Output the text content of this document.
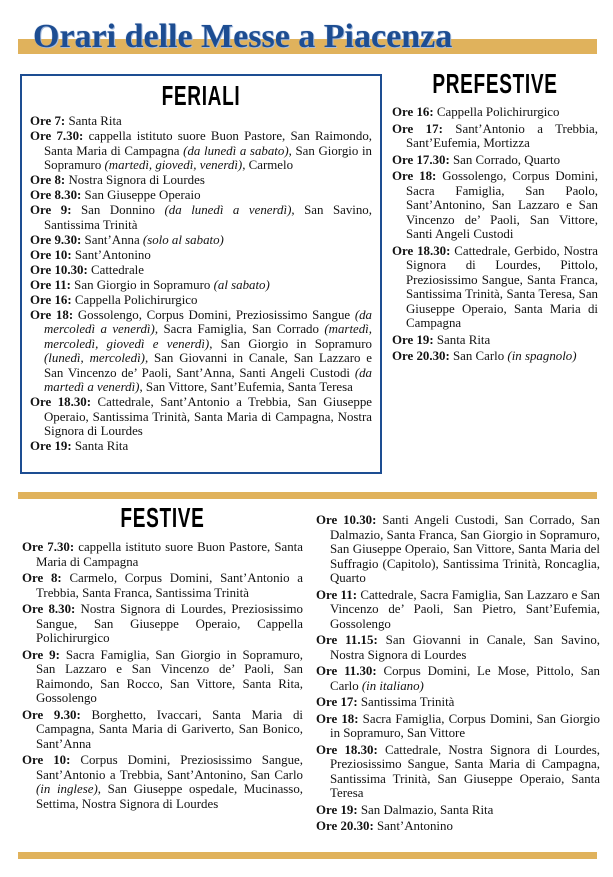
Orari delle Messe a Piacenza
FERIALI

Ore 7: Santa Rita

Ore 7.30: cappella istituto suore Buon Pastore, San Raimondo, Santa Maria di Campagna (da lunedì a sabato), San Giorgio in Sopramuro (martedì, giovedì, venerdì), Carmelo

Ore 8: Nostra Signora di Lourdes

Ore 8.30: San Giuseppe Operaio

Ore 9: San Donnino (da lunedì a venerdì), San Savino, Santissima Trinità

Ore 9.30: Sant’Anna (solo al sabato)

Ore 10: Sant’Antonino

Ore 10.30: Cattedrale

Ore 11: San Giorgio in Sopramuro (al sabato)

Ore 16: Cappella Polichirurgico

Ore 18: Gossolengo, Corpus Domini, Preziosissimo Sangue (da mercoledì a venerdì), Sacra Famiglia, San Corrado (martedì, mercoledì, giovedì e venerdì), San Giorgio in Sopramuro (lunedì, mercoledì), San Giovanni in Canale, San Lazzaro e San Vincenzo de’ Paoli, Sant’Anna, Santi Angeli Custodi (da martedì a venerdì), San Vittore, Sant’Eufemia, Santa Teresa

Ore 18.30: Cattedrale, Sant’Antonio a Trebbia, San Giuseppe Operaio, Santissima Trinità, Santa Maria di Campagna, Nostra Signora di Lourdes

Ore 19: Santa Rita

PREFESTIVE

Ore 16: Cappella Polichirurgico

Ore 17: Sant’Antonio a Trebbia, Sant’Eufemia, Mortizza

Ore 17.30: San Corrado, Quarto

Ore 18: Gossolengo, Corpus Domini, Sacra Famiglia, San Paolo, Sant’Antonino, San Lazzaro e San Vincenzo de’ Paoli, San Vittore, Santi Angeli Custodi

Ore 18.30: Cattedrale, Gerbido, Nostra Signora di Lourdes, Pittolo, Preziosissimo Sangue, Santa Franca, Santissima Trinità, Santa Teresa, San Giuseppe Operaio, Santa Maria di Campagna

Ore 19: Santa Rita

Ore 20.30: San Carlo (in spagnolo)

FESTIVE

Ore 7.30: cappella istituto suore Buon Pastore, Santa Maria di Campagna

Ore 8: Carmelo, Corpus Domini, Sant’Antonio a Trebbia, Santa Franca, Santissima Trinità

Ore 8.30: Nostra Signora di Lourdes, Preziosissimo Sangue, San Giuseppe Operaio, Cappella Polichirurgico

Ore 9: Sacra Famiglia, San Giorgio in Sopramuro, San Lazzaro e San Vincenzo de’ Paoli, San Raimondo, San Rocco, San Vittore, Santa Rita, Gossolengo

Ore 9.30: Borghetto, Ivaccari, Santa Maria di Campagna, Santa Maria di Gariverto, San Bonico, Sant’Anna

Ore 10: Corpus Domini, Preziosissimo Sangue, Sant’Antonio a Trebbia, Sant’Antonino, San Carlo (in inglese), San Giuseppe ospedale, Mucinasso, Settima, Nostra Signora di Lourdes

Ore 10.30: Santi Angeli Custodi, San Corrado, San Dalmazio, Santa Franca, San Giorgio in Sopramuro, San Giuseppe Operaio, San Vittore, Santa Maria del Suffragio (Capitolo), Santissima Trinità, Roncaglia, Quarto

Ore 11: Cattedrale, Sacra Famiglia, San Lazzaro e San Vincenzo de’ Paoli, San Pietro, Sant’Eufemia, Gossolengo

Ore 11.15: San Giovanni in Canale, San Savino, Nostra Signora di Lourdes

Ore 11.30: Corpus Domini, Le Mose, Pittolo, San Carlo (in italiano)

Ore 17: Santissima Trinità

Ore 18: Sacra Famiglia, Corpus Domini, San Giorgio in Sopramuro, San Vittore

Ore 18.30: Cattedrale, Nostra Signora di Lourdes, Preziosissimo Sangue, Santa Maria di Campagna, Santissima Trinità, San Giuseppe Operaio, Santa Teresa

Ore 19: San Dalmazio, Santa Rita

Ore 20.30: Sant’Antonino
